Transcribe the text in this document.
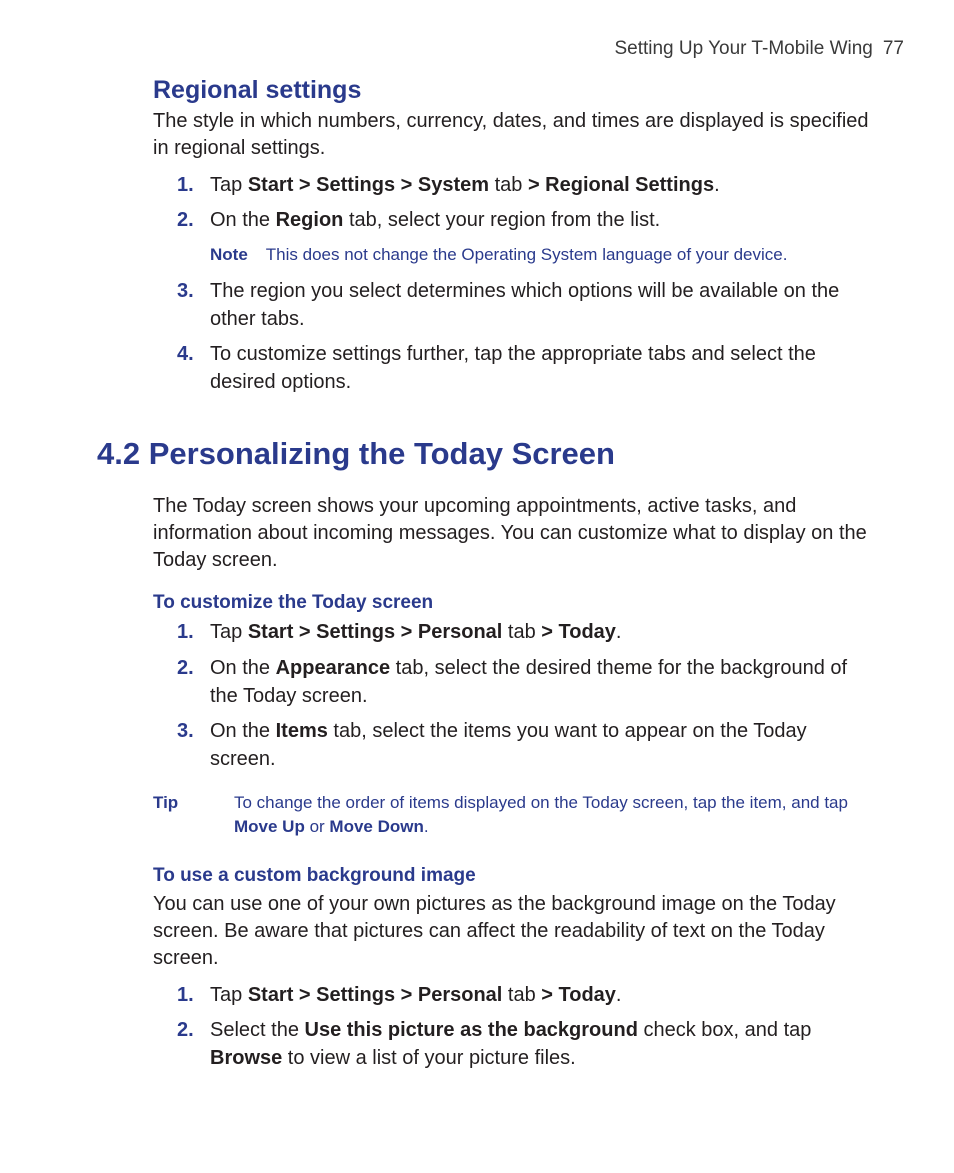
Setting Up Your T-Mobile Wing 77
Regional settings
The style in which numbers, currency, dates, and times are displayed is specified in regional settings.
1. Tap Start > Settings > System tab > Regional Settings.
2. On the Region tab, select your region from the list.
Note This does not change the Operating System language of your device.
3. The region you select determines which options will be available on the other tabs.
4. To customize settings further, tap the appropriate tabs and select the desired options.
4.2 Personalizing the Today Screen
The Today screen shows your upcoming appointments, active tasks, and information about incoming messages. You can customize what to display on the Today screen.
To customize the Today screen
1. Tap Start > Settings > Personal tab > Today.
2. On the Appearance tab, select the desired theme for the background of the Today screen.
3. On the Items tab, select the items you want to appear on the Today screen.
Tip	To change the order of items displayed on the Today screen, tap the item, and tap Move Up or Move Down.
To use a custom background image
You can use one of your own pictures as the background image on the Today screen. Be aware that pictures can affect the readability of text on the Today screen.
1. Tap Start > Settings > Personal tab > Today.
2. Select the Use this picture as the background check box, and tap Browse to view a list of your picture files.
